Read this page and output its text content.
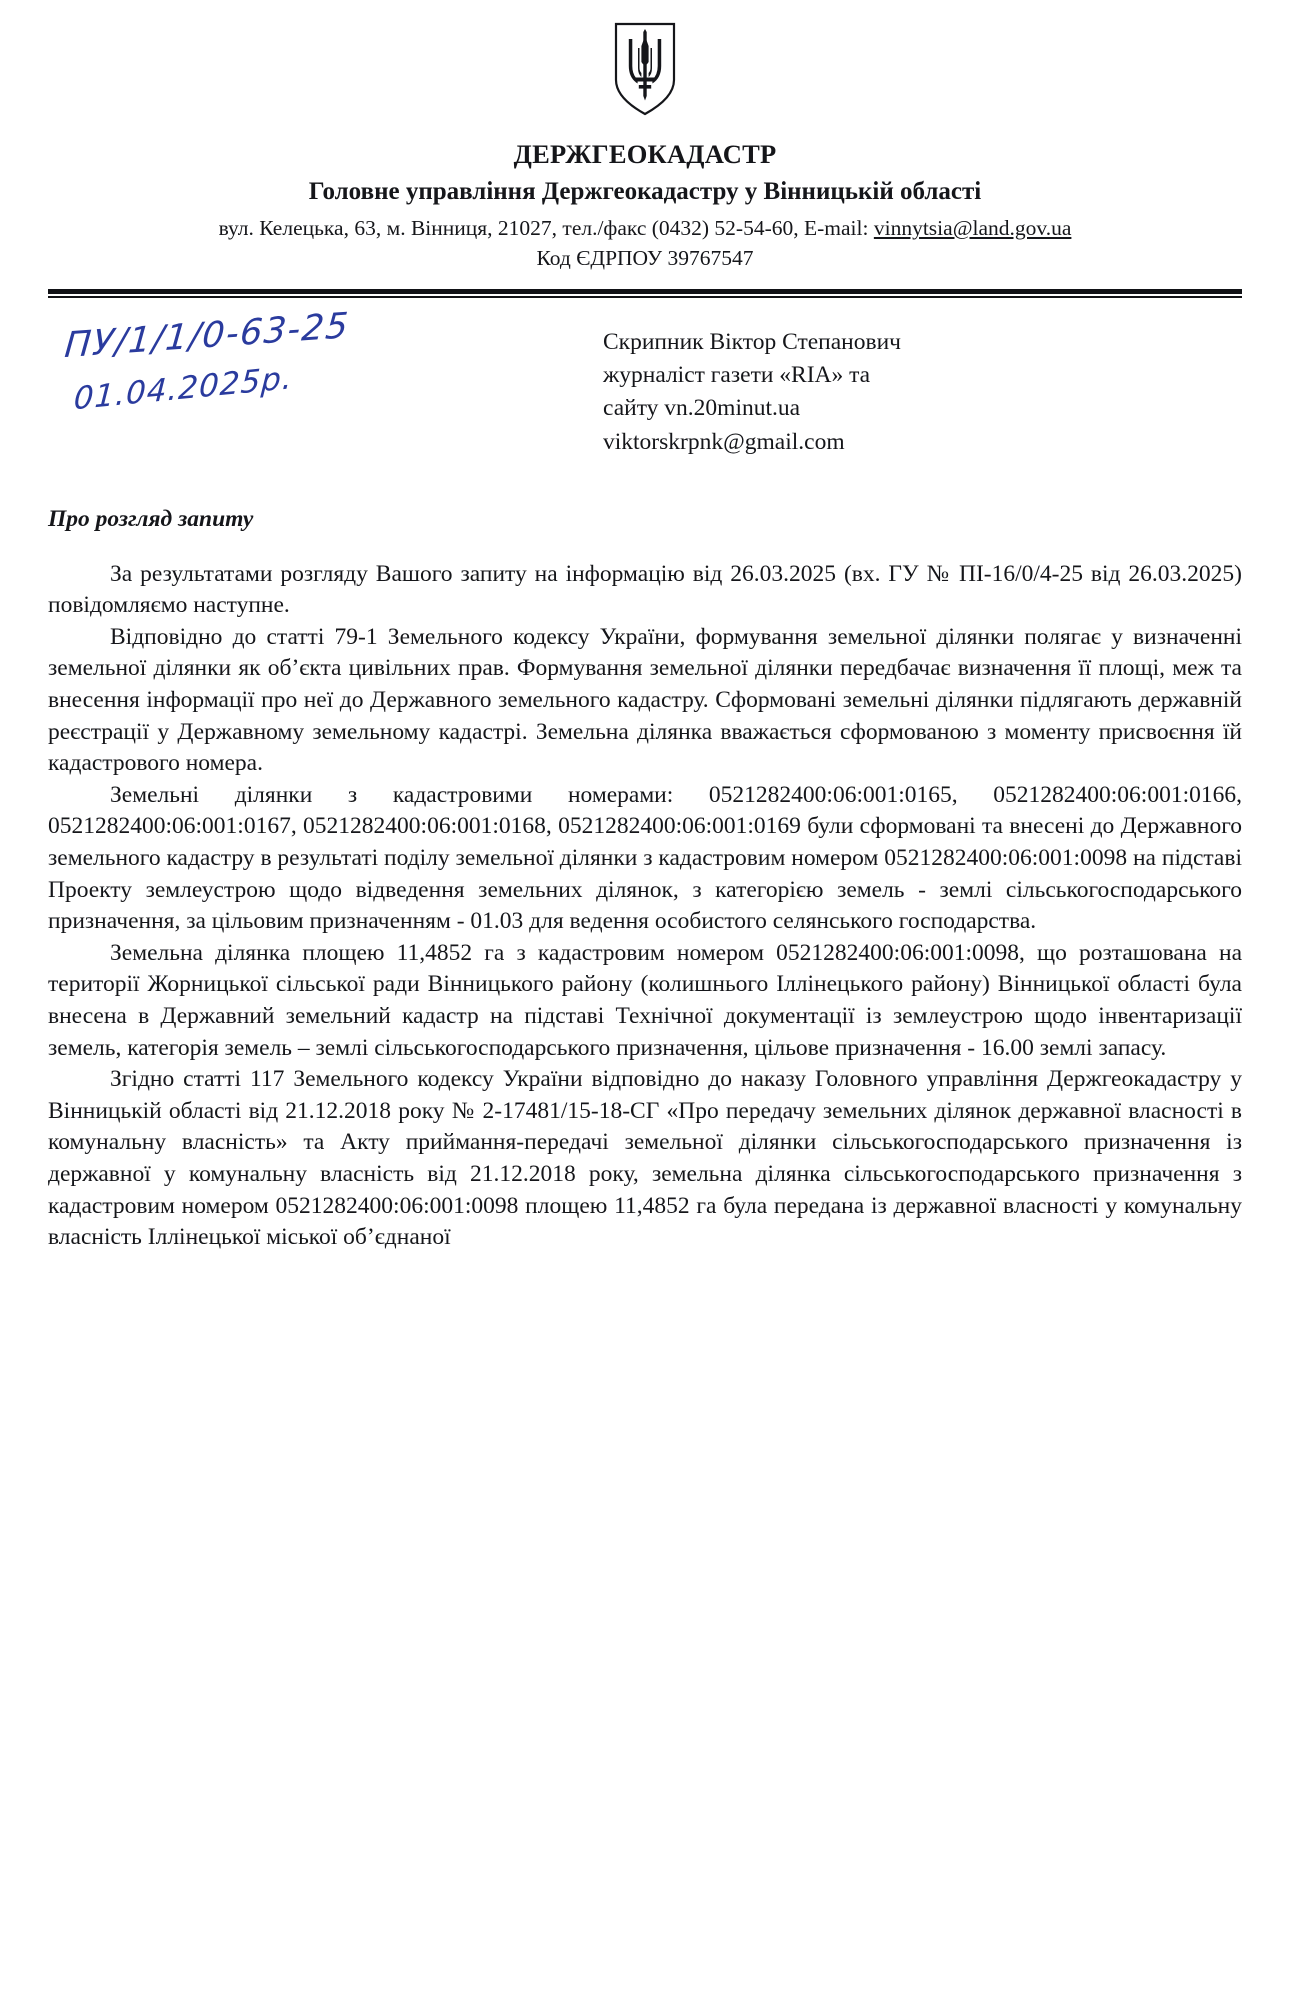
ДЕРЖГЕОКАДАСТР
Головне управління Держгеокадастру у Вінницькій області
вул. Келецька, 63, м. Вінниця, 21027, тел./факс (0432) 52-54-60, E-mail: vinnytsia@land.gov.ua
Код ЄДРПОУ 39767547
ПУ/1/1/0-63-25
01.04.2025р.
Скрипник Віктор Степанович
журналіст газети «RIA» та
сайту vn.20minut.ua
viktorskrpnk@gmail.com
Про розгляд запиту

За результатами розгляду Вашого запиту на інформацію від 26.03.2025 (вх. ГУ № ПІ-16/0/4-25 від 26.03.2025) повідомляємо наступне.

Відповідно до статті 79-1 Земельного кодексу України, формування земельної ділянки полягає у визначенні земельної ділянки як об’єкта цивільних прав. Формування земельної ділянки передбачає визначення її площі, меж та внесення інформації про неї до Державного земельного кадастру. Сформовані земельні ділянки підлягають державній реєстрації у Державному земельному кадастрі. Земельна ділянка вважається сформованою з моменту присвоєння їй кадастрового номера.

Земельні ділянки з кадастровими номерами: 0521282400:06:001:0165, 0521282400:06:001:0166, 0521282400:06:001:0167, 0521282400:06:001:0168, 0521282400:06:001:0169 були сформовані та внесені до Державного земельного кадастру в результаті поділу земельної ділянки з кадастровим номером 0521282400:06:001:0098 на підставі Проекту землеустрою щодо відведення земельних ділянок, з категорією земель - землі сільськогосподарського призначення, за цільовим призначенням - 01.03 для ведення особистого селянського господарства.

Земельна ділянка площею 11,4852 га з кадастровим номером 0521282400:06:001:0098, що розташована на території Жорницької сільської ради Вінницького району (колишнього Іллінецького району) Вінницької області була внесена в Державний земельний кадастр на підставі Технічної документації із землеустрою щодо інвентаризації земель, категорія земель – землі сільськогосподарського призначення, цільове призначення - 16.00 землі запасу.

Згідно статті 117 Земельного кодексу України відповідно до наказу Головного управління Держгеокадастру у Вінницькій області від 21.12.2018 року № 2-17481/15-18-СГ «Про передачу земельних ділянок державної власності в комунальну власність» та Акту приймання-передачі земельної ділянки сільськогосподарського призначення із державної у комунальну власність від 21.12.2018 року, земельна ділянка сільськогосподарського призначення з кадастровим номером 0521282400:06:001:0098 площею 11,4852 га була передана із державної власності у комунальну власність Іллінецької міської об’єднаної
